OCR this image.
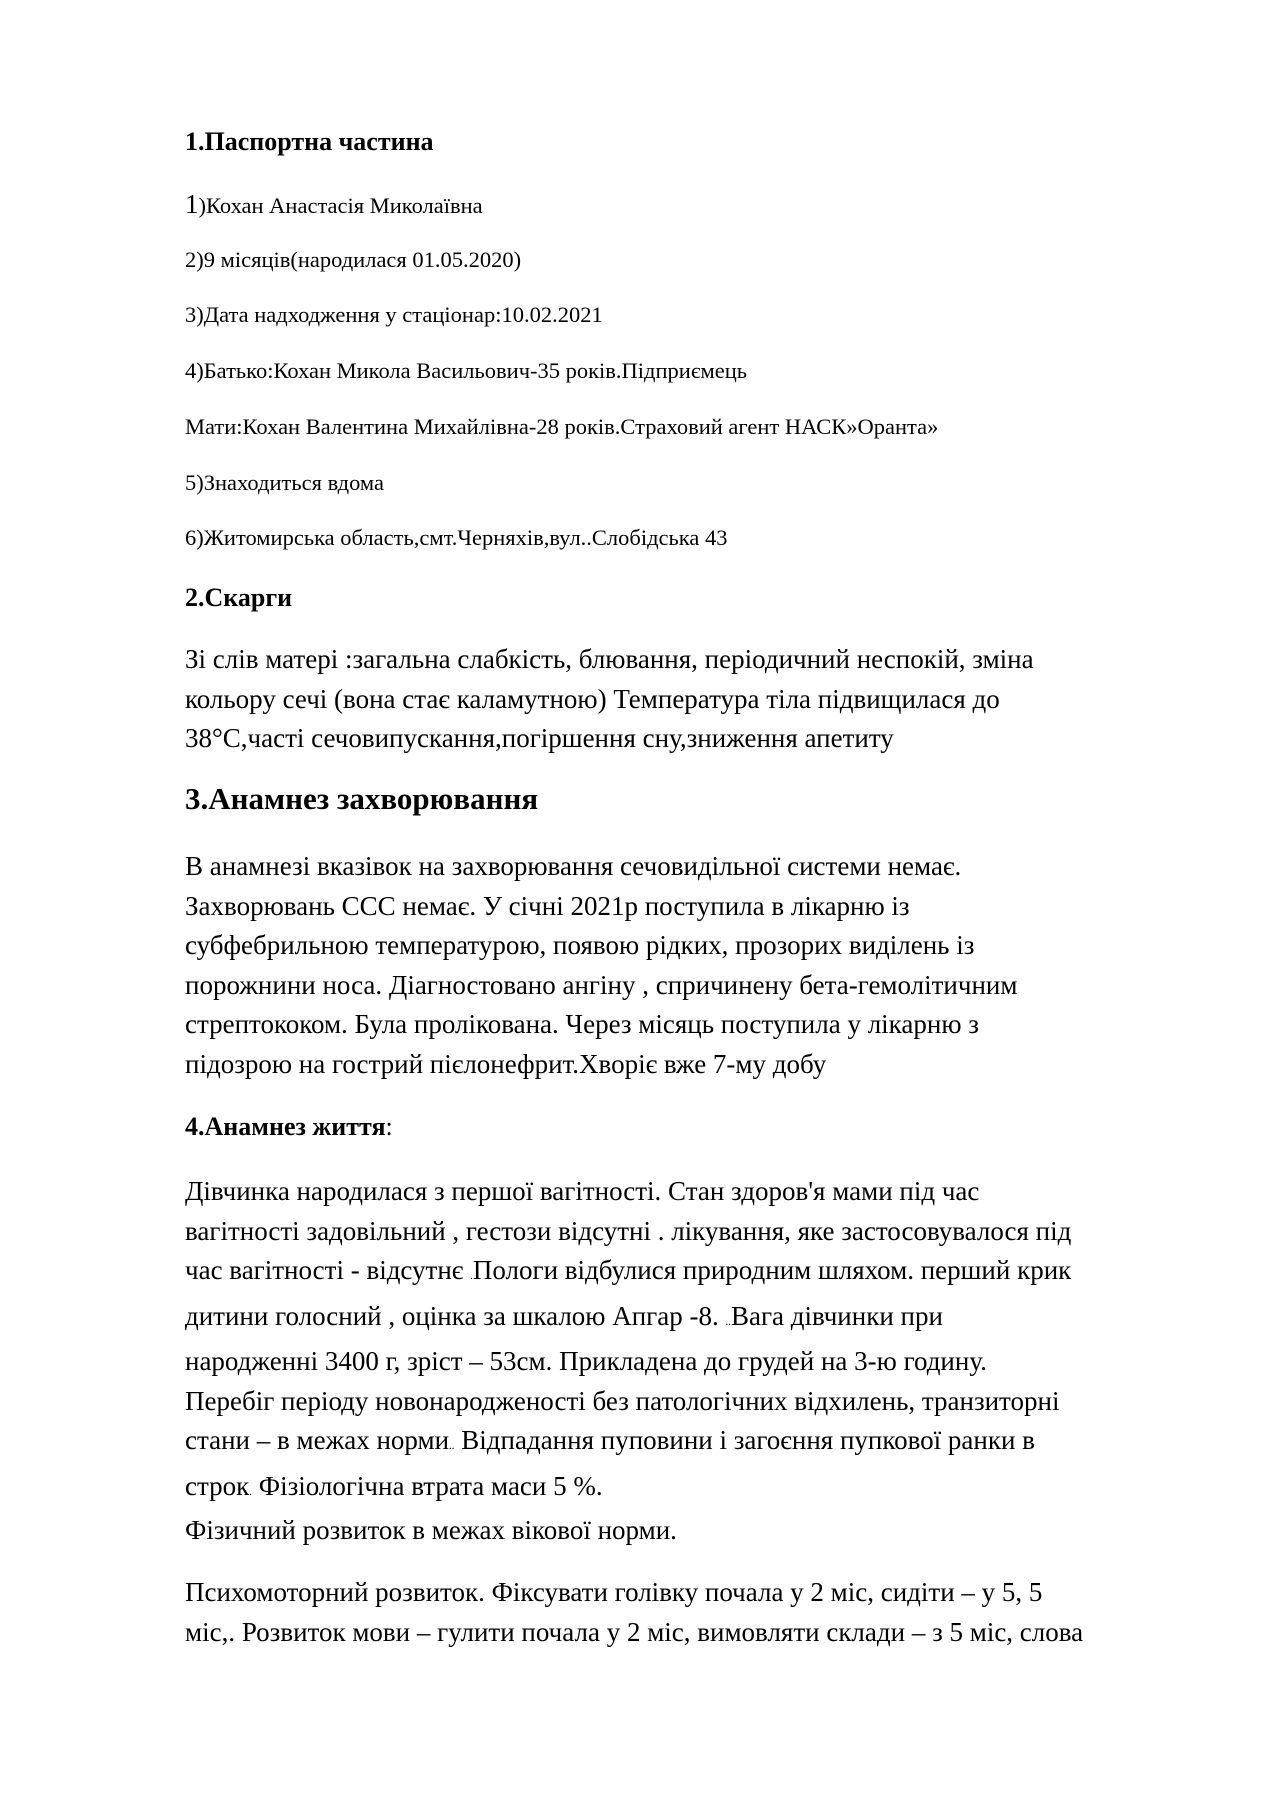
1.Паспортна частина
1)Кохан Анастасія Миколаївна
2)9 місяців(народилася 01.05.2020)
3)Дата надходження у стаціонар:10.02.2021
4)Батько:Кохан Микола Васильович-35 років.Підприємець
Мати:Кохан Валентина Михайлівна-28 років.Страховий агент НАСК»Оранта»
5)Знаходиться вдома
6)Житомирська область,смт.Черняхів,вул..Слобідська 43
2.Скарги
Зі слів матері :загальна слабкість, блювання, періодичний неспокій, зміна
кольору сечі (вона стає каламутною) Температура тіла підвищилася до
38°С,часті сечовипускання,погіршення сну,зниження апетиту
3.Анамнез захворювання
В анамнезі вказівок на захворювання сечовидільної системи немає.
Захворювань ССС немає. У січні 2021р поступила в лікарню із
субфебрильною температурою, появою рідких, прозорих виділень із
порожнини носа. Діагностовано ангіну , спричинену бета-гемолітичним
стрептококом. Була пролікована. Через місяць поступила у лікарню з
підозрою на гострий пієлонефрит.Хворіє вже 7-му добу
4.Анамнез життя:
Дівчинка народилася з першої вагітності. Стан здоров'я мами під час
вагітності задовільний , гестози відсутні . лікування, яке застосовувалося під
час вагітності - відсутнє .Пологи відбулися природним шляхом. перший крик
дитини голосний , оцінка за шкалою Апгар -8. ..Вага дівчинки при
народженні 3400 г, зріст – 53см. Прикладена до грудей на 3-ю годину.
Перебіг періоду новонародженості без патологічних відхилень, транзиторні
стани – в межах норми.. Відпадання пуповини і загоєння пупкової ранки в
строк. Фізіологічна втрата маси 5 %.
Фізичний розвиток в межах вікової норми.
Психомоторний розвиток. Фіксувати голівку почала у 2 міс, сидіти – у 5, 5
міс,. Розвиток мови – гулити почала у 2 міс, вимовляти склади – з 5 міс, слова
